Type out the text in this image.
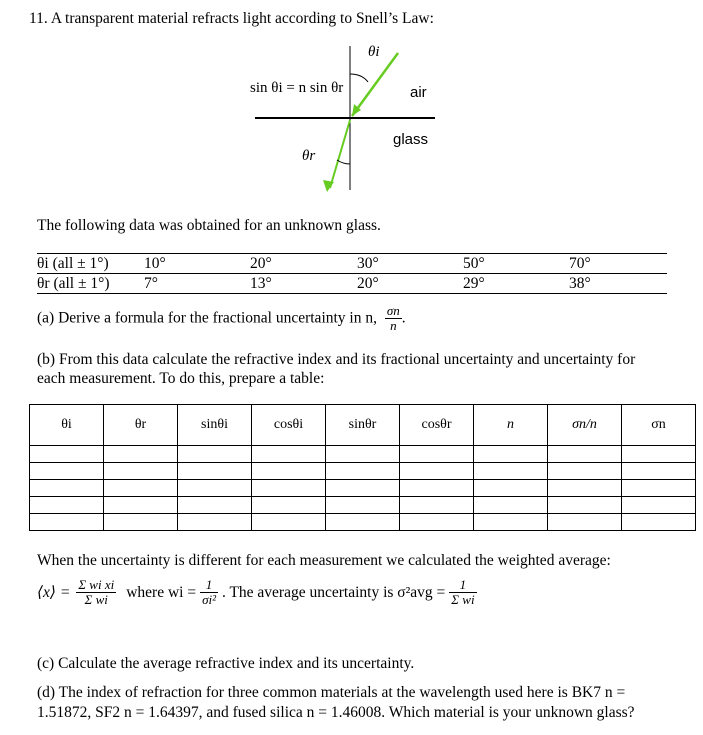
11. A transparent material refracts light according to Snell’s Law:
sin θi = n sin θr
θi
θr
air
glass
The following data was obtained for an unknown glass.
θi (all ± 1°) 10°	20°	30°	50°	70°
θr (all ± 1°) 7°	13°	20°	29°	38°
(a) Derive a formula for the fractional uncertainty in n, $\frac{\sigma n}{n}$ .
(b) From this data calculate the refractive index and its fractional uncertainty and uncertainty for
each measurement. To do this, prepare a table:
θi	θr	sinθi	cosθi	sinθr	cosθr	n	σn/n	σn

When the uncertainty is different for each measurement we calculated the weighted average:
⟨x⟩ = $\frac{\text{Σ wi xi}}{\text{Σ wi}}$ where wi = $\frac{1}{\text{σi²}}$ . The average uncertainty is $\sigma^2avg = \frac{1}{\text{Σ wi}}$
(c) Calculate the average refractive index and its uncertainty.
(d) The index of refraction for three common materials at the wavelength used here is BK7 n =
1.51872, SF2 n = 1.64397, and fused silica n = 1.46008. Which material is your unknown glass?
